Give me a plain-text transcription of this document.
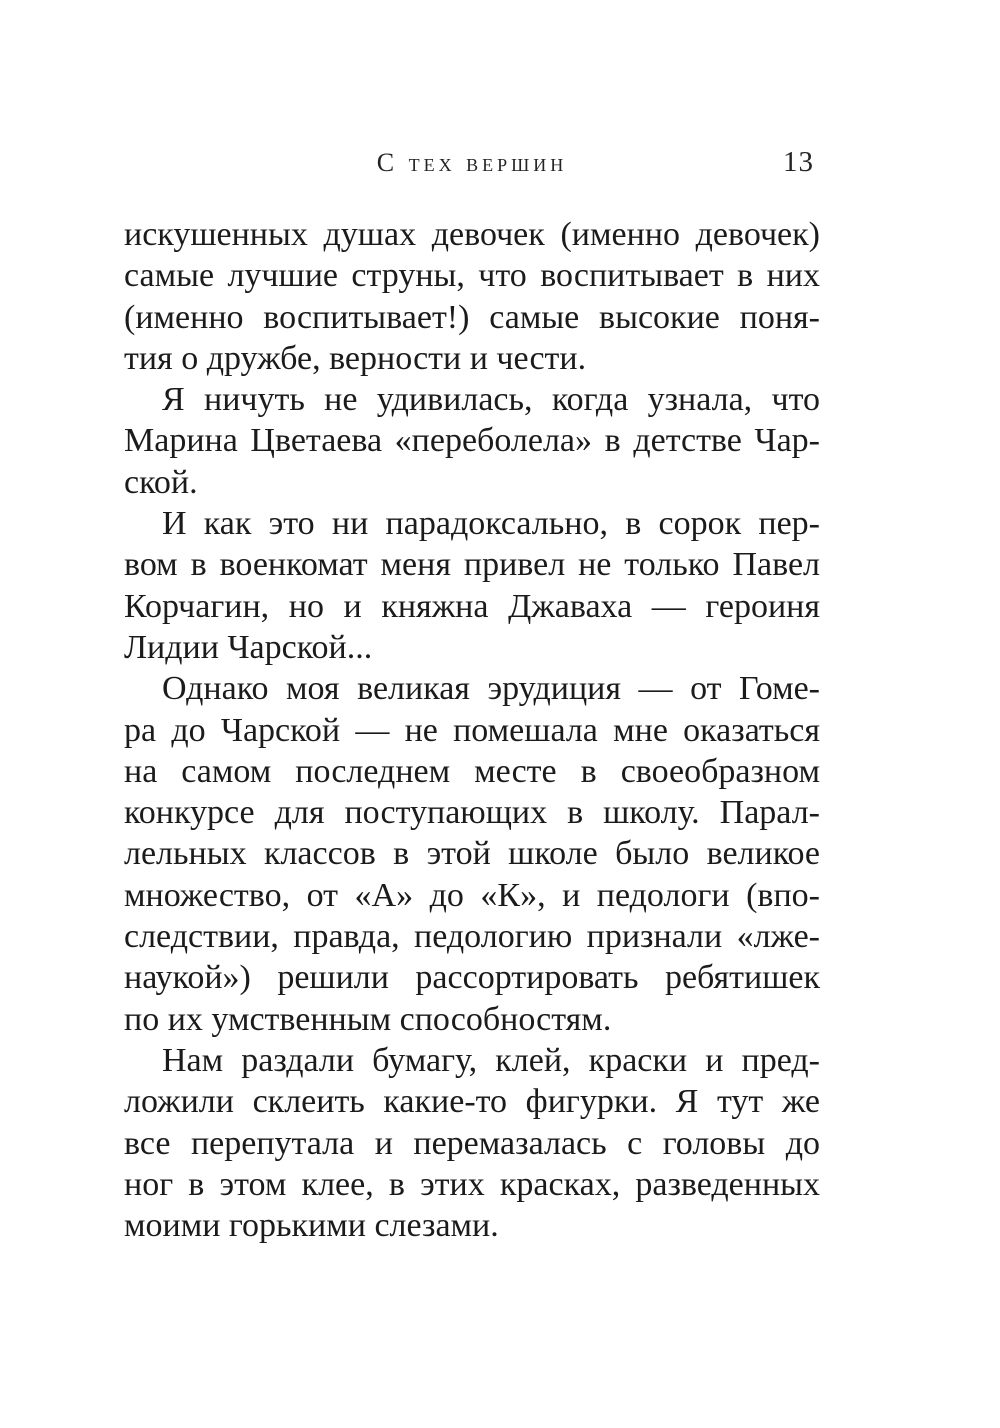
С тех вершин	13
искушенных душах девочек (именно девочек)
самые лучшие струны, что воспитывает в них
(именно воспитывает!) самые высокие поня-
тия о дружбе, верности и чести.
Я ничуть не удивилась, когда узнала, что
Марина Цветаева «переболела» в детстве Чар-
ской.
И как это ни парадоксально, в сорок пер-
вом в военкомат меня привел не только Павел
Корчагин, но и княжна Джаваха — героиня
Лидии Чарской...
Однако моя великая эрудиция — от Гоме-
ра до Чарской — не помешала мне оказаться
на самом последнем месте в своеобразном
конкурсе для поступающих в школу. Парал-
лельных классов в этой школе было великое
множество, от «А» до «К», и педологи (впо-
следствии, правда, педологию признали «лже-
наукой») решили рассортировать ребятишек
по их умственным способностям.
Нам раздали бумагу, клей, краски и пред-
ложили склеить какие-то фигурки. Я тут же
все перепутала и перемазалась с головы до
ног в этом клее, в этих красках, разведенных
моими горькими слезами.
